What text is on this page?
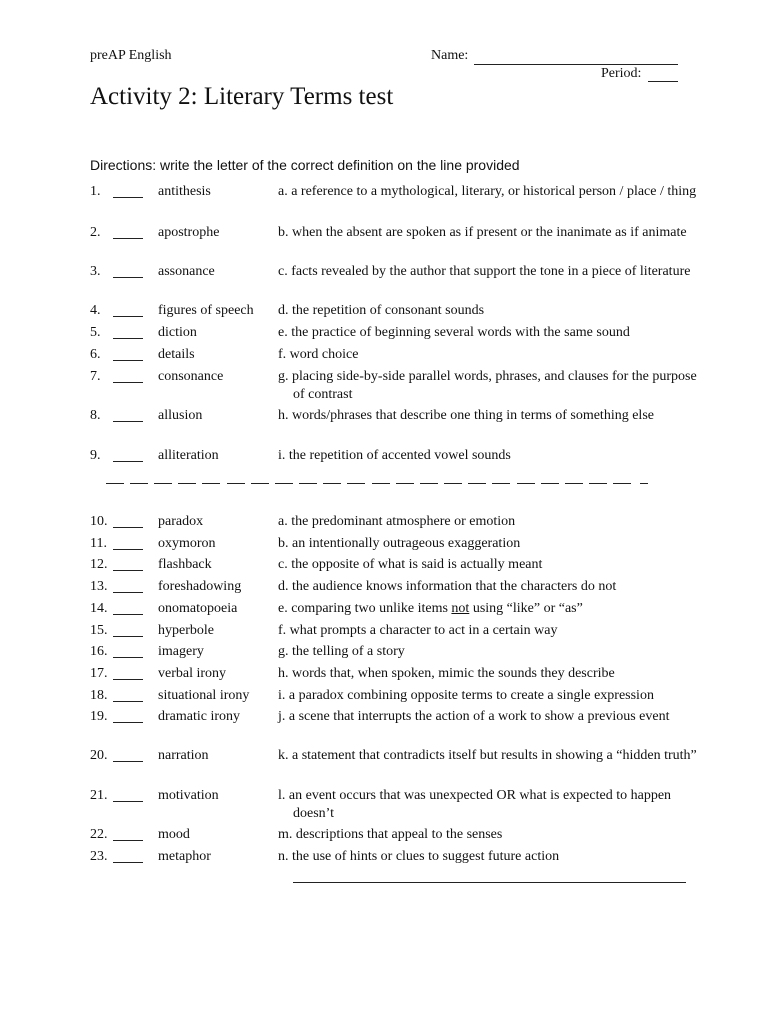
preAP English	Name:
Period:
Activity 2: Literary Terms test
Directions: write the letter of the correct definition on the line provided
1.	antithesis	a. a reference to a mythological, literary, or historical person / place / thing
2.	apostrophe	b. when the absent are spoken as if present or the inanimate as if animate
3.	assonance	c. facts revealed by the author that support the tone in a piece of literature
4.	figures of speech d. the repetition of consonant sounds
5.	diction	e. the practice of beginning several words with the same sound
6.	details	f. word choice
7.	consonance	g. placing side-by-side parallel words, phrases, and clauses for the purpose of contrast
8.	allusion	h. words/phrases that describe one thing in terms of something else
9.	alliteration	i. the repetition of accented vowel sounds
10.	paradox	a. the predominant atmosphere or emotion
11.	oxymoron	b. an intentionally outrageous exaggeration
12.	flashback	c. the opposite of what is said is actually meant
13.	foreshadowing	d. the audience knows information that the characters do not
14.	onomatopoeia	e. comparing two unlike items not using “like” or “as”
15.	hyperbole	f. what prompts a character to act in a certain way
16.	imagery	g. the telling of a story
17.	verbal irony	h. words that, when spoken, mimic the sounds they describe
18.	situational irony i. a paradox combining opposite terms to create a single expression
19.	dramatic irony	j. a scene that interrupts the action of a work to show a previous event
20.	narration	k. a statement that contradicts itself but results in showing a “hidden truth”
21.	motivation	l. an event occurs that was unexpected OR what is expected to happen doesn’t
22.	mood	m. descriptions that appeal to the senses
23.	metaphor	n. the use of hints or clues to suggest future action
